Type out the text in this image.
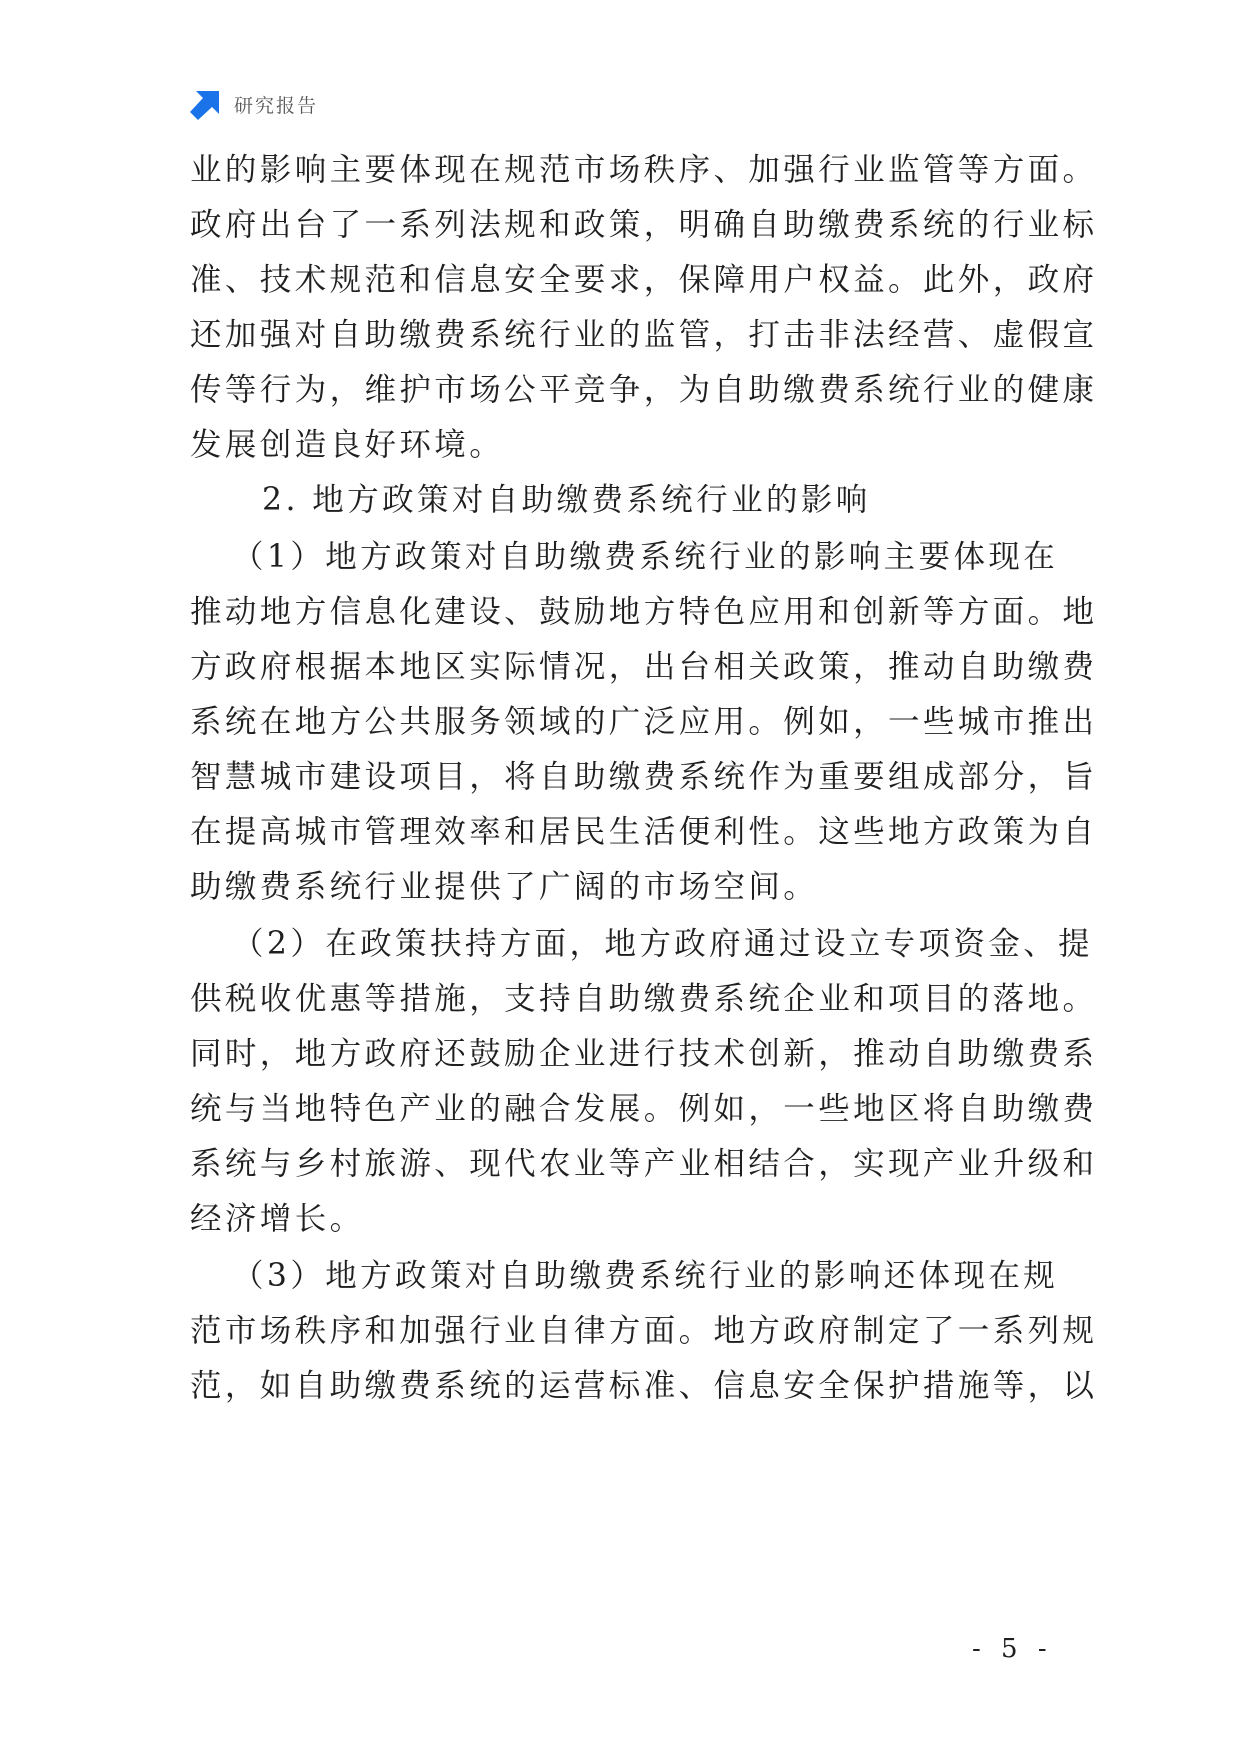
研究报告
业的影响主要体现在规范市场秩序、加强行业监管等方面。
政府出台了一系列法规和政策，明确自助缴费系统的行业标
准、技术规范和信息安全要求，保障用户权益。此外，政府
还加强对自助缴费系统行业的监管，打击非法经营、虚假宣
传等行为，维护市场公平竞争，为自助缴费系统行业的健康
发展创造良好环境。
2. 地方政策对自助缴费系统行业的影响
（1）地方政策对自助缴费系统行业的影响主要体现在
推动地方信息化建设、鼓励地方特色应用和创新等方面。地
方政府根据本地区实际情况，出台相关政策，推动自助缴费
系统在地方公共服务领域的广泛应用。例如，一些城市推出
智慧城市建设项目，将自助缴费系统作为重要组成部分，旨
在提高城市管理效率和居民生活便利性。这些地方政策为自
助缴费系统行业提供了广阔的市场空间。
（2）在政策扶持方面，地方政府通过设立专项资金、提
供税收优惠等措施，支持自助缴费系统企业和项目的落地。
同时，地方政府还鼓励企业进行技术创新，推动自助缴费系
统与当地特色产业的融合发展。例如，一些地区将自助缴费
系统与乡村旅游、现代农业等产业相结合，实现产业升级和
经济增长。
（3）地方政策对自助缴费系统行业的影响还体现在规
范市场秩序和加强行业自律方面。地方政府制定了一系列规
范，如自助缴费系统的运营标准、信息安全保护措施等，以
- 5 -
